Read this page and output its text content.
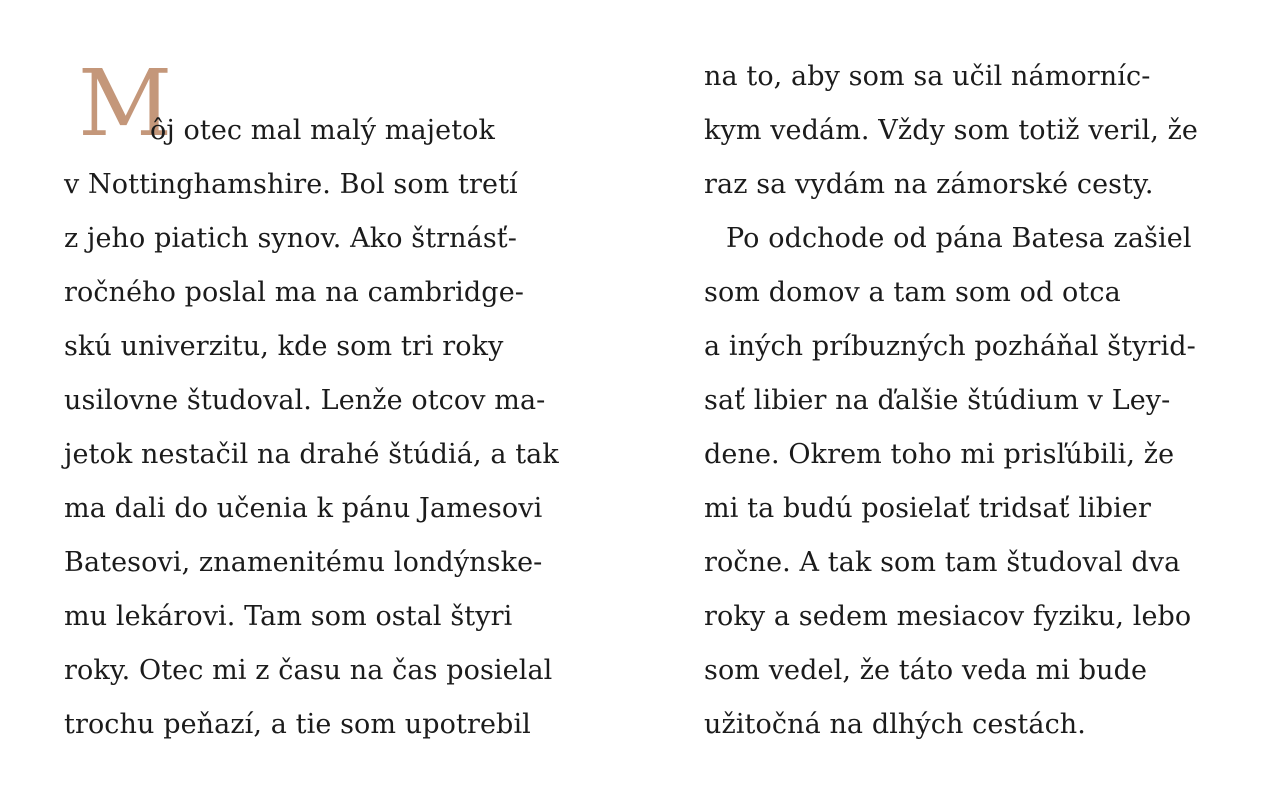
M
ôj otec mal malý majetok
v Nottinghamshire. Bol som tretí
z jeho piatich synov. Ako štrnásť-
ročného poslal ma na cambridge-
skú univerzitu, kde som tri roky
usilovne študoval. Lenže otcov ma-
jetok nestačil na drahé štúdiá, a tak
ma dali do učenia k pánu Jamesovi
Batesovi, znamenitému londýnske-
mu lekárovi. Tam som ostal štyri
roky. Otec mi z času na čas posielal
trochu peňazí, a tie som upotrebil
na to, aby som sa učil námorníc-
kym vedám. Vždy som totiž veril, že
raz sa vydám na zámorské cesty.
Po odchode od pána Batesa zašiel
som domov a tam som od otca
a iných príbuzných pozháňal štyrid-
sať libier na ďalšie štúdium v Ley-
dene. Okrem toho mi prisľúbili, že
mi ta budú posielať tridsať libier
ročne. A tak som tam študoval dva
roky a sedem mesiacov fyziku, lebo
som vedel, že táto veda mi bude
užitočná na dlhých cestách.
